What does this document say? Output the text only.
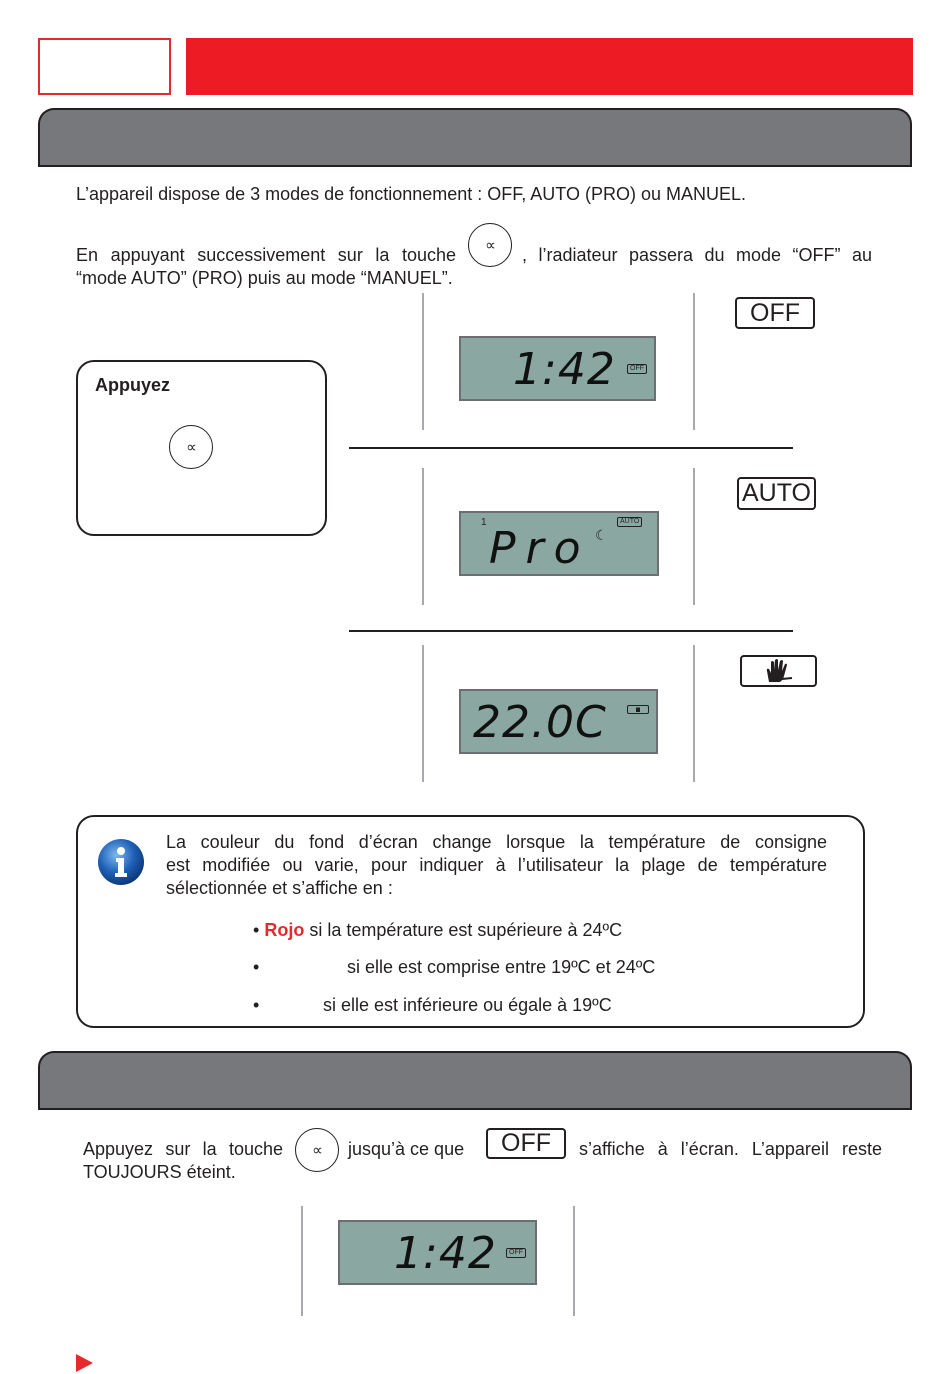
L’appareil dispose de 3 modes de fonctionnement : OFF, AUTO (PRO) ou MANUEL.
En appuyant successivement sur la touche ∝ , l’radiateur passera du mode “OFF” au
“mode AUTO” (PRO) puis au mode “MANUEL”.
Appuyez
∝
1:42	OFF
OFF
1
Pro ☾
AUTO
AUTO
22.0C
La couleur du fond d’écran change lorsque la température de consigne
est modifiée ou varie, pour indiquer à l’utilisateur la plage de température
sélectionnée et s’affiche en :
• Rojo si la température est supérieure à 24ºC
•	si elle est comprise entre 19ºC et 24ºC
•	si elle est inférieure ou égale à 19ºC
Appuyez sur la touche ∝ jusqu’à ce que	OFF	s’affiche à l’écran. L’appareil reste
TOUJOURS éteint.
1:42	OFF
